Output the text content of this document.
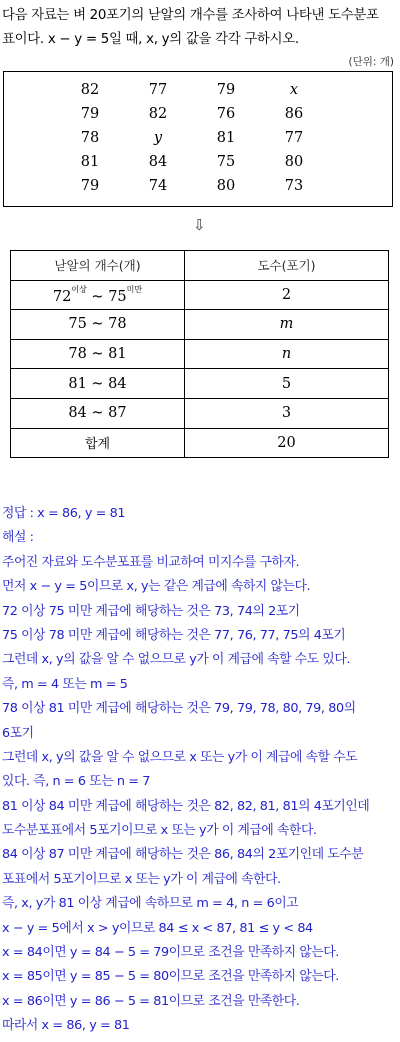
다음 자료는 벼 20포기의 낟알의 개수를 조사하여 나타낸 도수분포
표이다. x − y = 5일 때, x, y의 값을 각각 구하시오.
(단위: 개)
82	77	79	x
79	82	76	86
78	y	81	77
81	84	75	80
79	74	80	73
⇩
낟알의 개수(개)	도수(포기)
$72^{이상}$ ~ $75^{미만}$	2
75 ~ 78	m
78 ~ 81	n
81 ~ 84	5
84 ~ 87	3
합계	20
정답 : x = 86, y = 81
해설 :
주어진 자료와 도수분포표를 비교하여 미지수를 구하자.
먼저 x − y = 5이므로 x, y는 같은 계급에 속하지 않는다.
72 이상 75 미만 계급에 해당하는 것은 73, 74의 2포기
75 이상 78 미만 계급에 해당하는 것은 77, 76, 77, 75의 4포기
그런데 x, y의 값을 알 수 없으므로 y가 이 계급에 속할 수도 있다.
즉, m = 4 또는 m = 5
78 이상 81 미만 계급에 해당하는 것은 79, 79, 78, 80, 79, 80의
6포기
그런데 x, y의 값을 알 수 없으므로 x 또는 y가 이 계급에 속할 수도
있다. 즉, n = 6 또는 n = 7
81 이상 84 미만 계급에 해당하는 것은 82, 82, 81, 81의 4포기인데
도수분포표에서 5포기이므로 x 또는 y가 이 계급에 속한다.
84 이상 87 미만 계급에 해당하는 것은 86, 84의 2포기인데 도수분
포표에서 5포기이므로 x 또는 y가 이 계급에 속한다.
즉, x, y가 81 이상 계급에 속하므로 m = 4, n = 6이고
x − y = 5에서 x > y이므로 84 ≤ x < 87, 81 ≤ y < 84
x = 84이면 y = 84 − 5 = 79이므로 조건을 만족하지 않는다.
x = 85이면 y = 85 − 5 = 80이므로 조건을 만족하지 않는다.
x = 86이면 y = 86 − 5 = 81이므로 조건을 만족한다.
따라서 x = 86, y = 81
